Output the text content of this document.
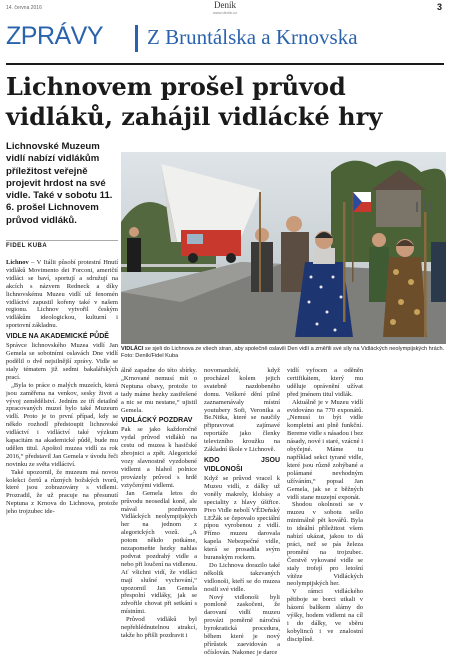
14. června 2016	Deník
www.denik.cz
3
ZPRÁVY Z Bruntálska a Krnovska
Lichnovem prošel průvod vidláků, zahájil vidlácké hry

Lichnovské Muzeum vidlí nabízí vidlákům příležitost veřejně projevit hrdost na své vidle. Také v sobotu 11. 6. prošel Lichnovem průvod vidláků.

FIDEL KUBA
VIDLÁCI se sjeli do Lichnova ze všech stran, aby společně oslavili Den vidlí a změřili své síly na Vidláckých neolympijských hrách. Foto: Deník/Fidel Kuba

Lichnov – V Itálii působí protestní Hnutí vidláků Movimento dei Forconi, američtí vidláci se baví, sportují a sdružují na akcích s názvem Redneck a díky lichnovskému Muzeu vidlí už fenomén vidláctví zapustil kořeny také v našem regionu. Lichnov vytvořil českým vidlákům ideologickou, kulturní i sportovní základnu.

VIDLE NA AKADEMICKÉ PŮDĚ

Správce lichnovského Muzea vidlí Jan Gemela se sobotními oslavách Dne vidlí podělil o dvě nejsilnější zprávy. Vidle se staly tématem již sedmi bakalářských prací.

„Byla to práce o malých muzeích, která jsou zaměřena na venkov, sesky život a vývoj zemědělství. Jedním ze tří detailně zpracovaných muzeí bylo také Muzeum vidlí. Proto je to první případ, kdy se někdo rozhodl předstoupit lichnovské vidláctví i vidláctví také výzkum kapacitám na akademické půdě, bude mu udělen titul. Apoštol muzea vidlí za rok 2016,“ představil Jan Gemela v úvodu řeči novinku ze světa vidláctví.

Také upozornil, že muzeum má novou kolekci čertů a různých božských tvorů, které jsou zobrazovány s vidlemi. Prozradil, že už pracuje na přesunutí Neptuna z Krnova do Lichnova, protože jeho trojzubec ide-

álně zapadne do této sbírky. „Krnované nemusí mít o Neptuna obavy, protože to tady máme hezky zastřešené a nic se mu nestane,“ ujistil Gemela.

VIDLÁCKÝ POZDRAV

Pak se jako každoročně vydal průvod vidláků na cestu od muzea k hasičské zbrojnici a zpět. Alegorické vozy slavnostně vyzdobené vidlemi a hlahol polnice provázely průvod s hrdě vztyčenými vidlemi.

Jan Gemela letos do průvodu neosedlal koně, ale mával pozdravem Vidláckých neolympijských her na jednom z alegorických vozů. „A potom někdo potkáme, nezapomeňte hezky nahlas podvrat pozdrahý vidle a nebo při loučení na vidlenou. Ať všichni vidí, že vidláci mají slušné vychování,“ upozornil Jan Gemela přespolní vidláky, jak se zdvořile chovat při setkání s místními.

Průvod vidláků byl nepřehlédnutelnou atrakcí, takže ho přišli pozdravit i

novomanželé, když procházel kolem jejich svatebně nazdobeného domu. Veškeré dění pilně zaznamenávaly místní youtubery Sofi, Veronika a Be.Nitka, které se naučily připravovat zajímavé reportáže jako členky televizního kroužku na Základní škole v Lichnově.

KDO JSOU VIDLONOŠI

Když se průvod vracel k Muzeu vidlí, z dálky už voněly makrely, klobásy a speciality z hlavy úštřice. Pivo Vidle nebolí VĚDeňský LEŽák se čepovalo speciální pípou vyrobenou z vidlí. Přímo muzeu darovala kapela Nebezpečné vidle, která se prosadila svým buranským rockem.

Do Lichnova dorazilo také několik takzvaných vidlonoši, kteří se do muzea nosili své vidle.

Nový vidlonoši byli pomloně zaskočeni, že darovaní vidlí muzeu provázi poměrně náročná byrokratická procedura, během které je nový přírůstek zaevidován a očíslován. Nakonec je darce

vidlí vyfocen a oděněn certifikátem, který mu uděluje oprávnění užívat před jménem titul vidlák.

Aktuálně je v Muzeu vidlí evidováno na 770 exponátů. „Nemusí to být vidle kompletní ani plně funkční. Bereme vidle s násadou i bez násady, nové i staré, vzácné i obyčejné. Máme tu například sekci tyrané vidle, které jsou různě zohýbané a polámané nevhodným užíváním,“ popsal Jan Gemela, jak se z běžných vidlí stane muzejní exponát.

Shodou okolností se v muzeu v sobotu sešlo minimálně pět kovářů. Byla to ideální příležitost všem nabízí ukázat, jakou to dá práci, než se pás železa promění na trojzubec. Čerstvě vykované vidle se staly trofejí pro letošní vítěze Vidláckých neolympijských her.

V rámci vidláckého pětiboje se borci utkali v házení balíkem slámy do výšky, hodem vidlemi na cíl i do dálky, ve sběru kobylinců i ve znalostní disciplíně.
